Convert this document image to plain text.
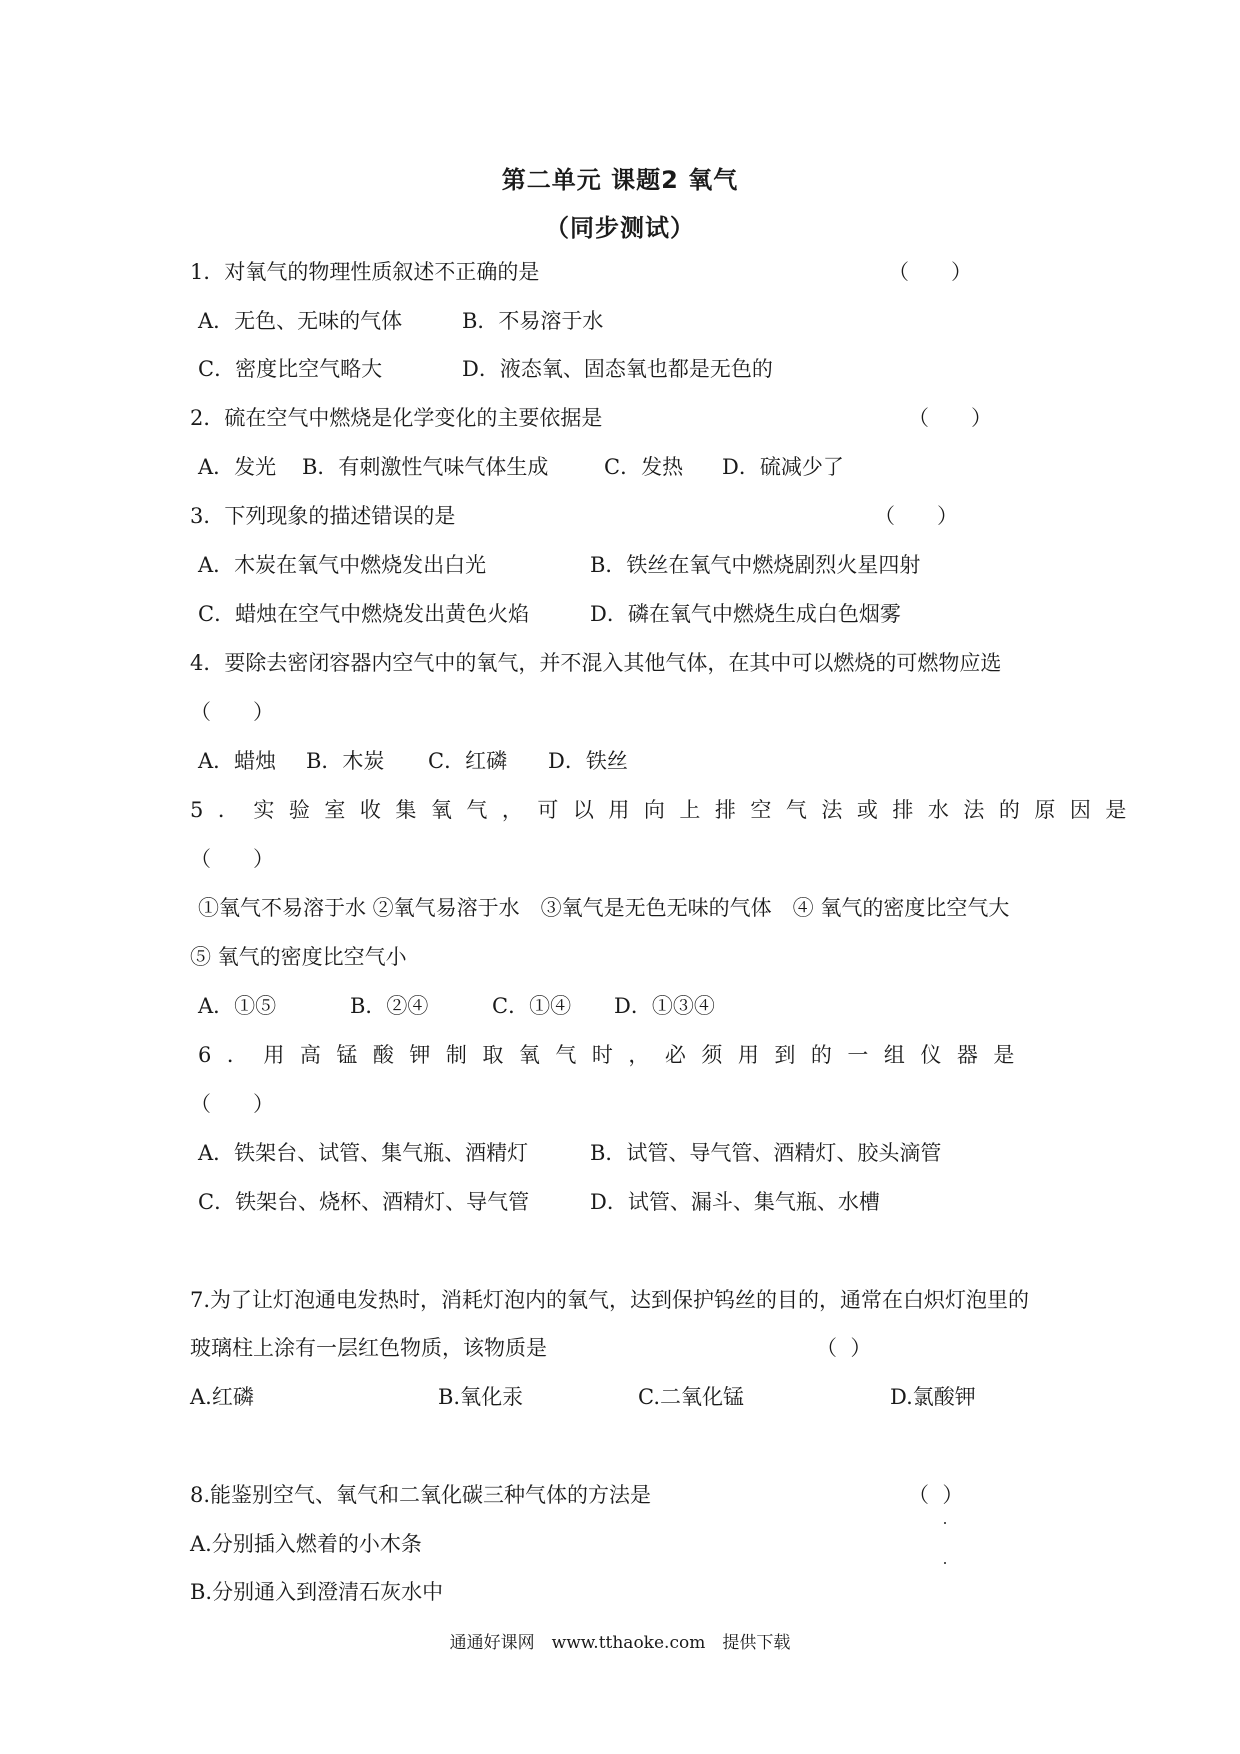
第二单元 课题2 氧气
（同步测试）
1．对氧气的物理性质叙述不正确的是	（　　）
A．无色、无味的气体	B．不易溶于水
C．密度比空气略大	D．液态氧、固态氧也都是无色的
2．硫在空气中燃烧是化学变化的主要依据是	（　　）
A．发光 B．有刺激性气味气体生成	C．发热 D．硫减少了
3．下列现象的描述错误的是	（　　）
A．木炭在氧气中燃烧发出白光	B．铁丝在氧气中燃烧剧烈火星四射
C．蜡烛在空气中燃烧发出黄色火焰	D．磷在氧气中燃烧生成白色烟雾
4．要除去密闭容器内空气中的氧气，并不混入其他气体，在其中可以燃烧的可燃物应选
（　　）
A．蜡烛 B．木炭 C．红磷 D．铁丝
5．实验室收集氧气，可以用向上排空气法或排水法的原因是
（　　）
①氧气不易溶于水 ②氧气易溶于水　③氧气是无色无味的气体　④ 氧气的密度比空气大
⑤ 氧气的密度比空气小
A．①⑤	B．②④	C．①④ D．①③④
6．用高锰酸钾制取氧气时，必须用到的一组仪器是
（　　）
A．铁架台、试管、集气瓶、酒精灯	B．试管、导气管、酒精灯、胶头滴管
C．铁架台、烧杯、酒精灯、导气管	D．试管、漏斗、集气瓶、水槽
7.为了让灯泡通电发热时，消耗灯泡内的氧气，达到保护钨丝的目的，通常在白炽灯泡里的
玻璃柱上涂有一层红色物质，该物质是	（  ）
A.红磷	B.氧化汞	C.二氧化锰	D.氯酸钾
8.能鉴别空气、氧气和二氧化碳三种气体的方法是	（  ）
A.分别插入燃着的小木条
B.分别通入到澄清石灰水中
通通好课网　www.tthaoke.com　提供下载
